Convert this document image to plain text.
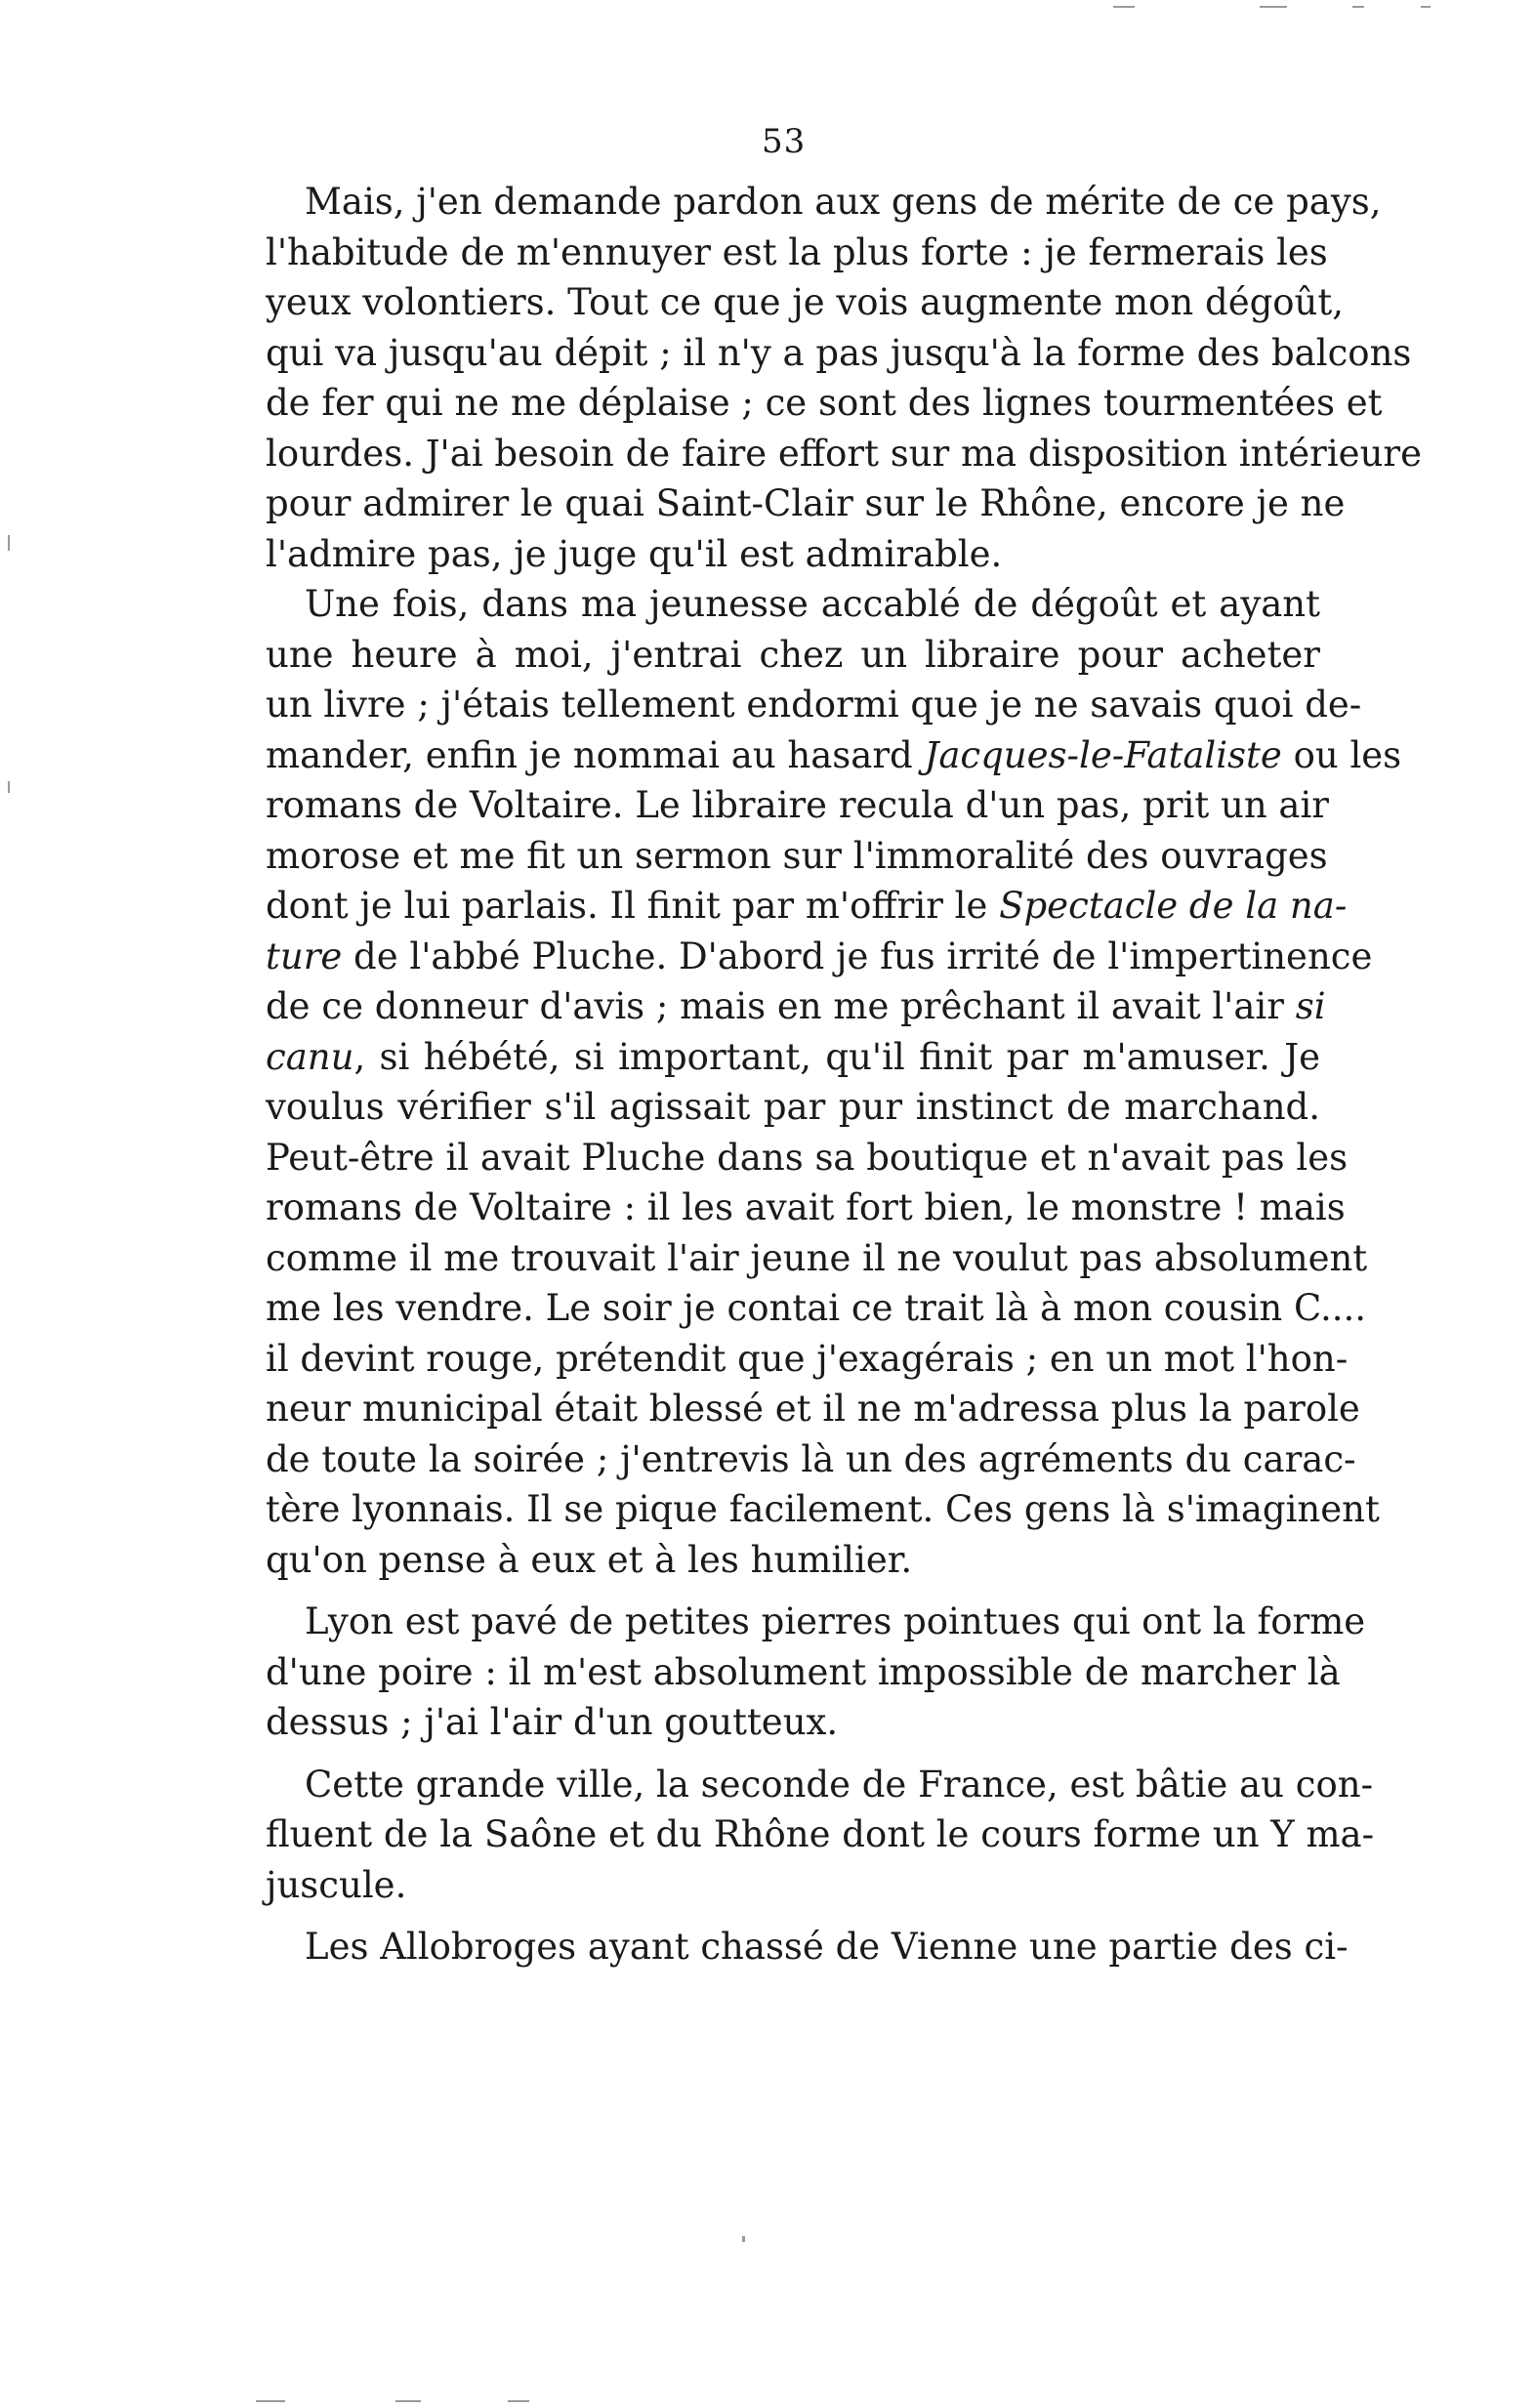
53
Mais, j'en demande pardon aux gens de mérite de ce pays,
l'habitude de m'ennuyer est la plus forte : je fermerais les
yeux volontiers. Tout ce que je vois augmente mon dégoût,
qui va jusqu'au dépit ; il n'y a pas jusqu'à la forme des balcons
de fer qui ne me déplaise ; ce sont des lignes tourmentées et
lourdes. J'ai besoin de faire effort sur ma disposition intérieure
pour admirer le quai Saint-Clair sur le Rhône, encore je ne
l'admire pas, je juge qu'il est admirable.
Une fois, dans ma jeunesse accablé de dégoût et ayant
une heure à moi, j'entrai chez un libraire pour acheter
un livre ; j'étais tellement endormi que je ne savais quoi de-
mander, enfin je nommai au hasard Jacques-le-Fataliste ou les
romans de Voltaire. Le libraire recula d'un pas, prit un air
morose et me fit un sermon sur l'immoralité des ouvrages
dont je lui parlais. Il finit par m'offrir le Spectacle de la na-
ture de l'abbé Pluche. D'abord je fus irrité de l'impertinence
de ce donneur d'avis ; mais en me prêchant il avait l'air si
canu, si hébété, si important, qu'il finit par m'amuser. Je
voulus vérifier s'il agissait par pur instinct de marchand.
Peut-être il avait Pluche dans sa boutique et n'avait pas les
romans de Voltaire : il les avait fort bien, le monstre ! mais
comme il me trouvait l'air jeune il ne voulut pas absolument
me les vendre. Le soir je contai ce trait là à mon cousin C....
il devint rouge, prétendit que j'exagérais ; en un mot l'hon-
neur municipal était blessé et il ne m'adressa plus la parole
de toute la soirée ; j'entrevis là un des agréments du carac-
tère lyonnais. Il se pique facilement. Ces gens là s'imaginent
qu'on pense à eux et à les humilier.
Lyon est pavé de petites pierres pointues qui ont la forme
d'une poire : il m'est absolument impossible de marcher là
dessus ; j'ai l'air d'un goutteux.
Cette grande ville, la seconde de France, est bâtie au con-
fluent de la Saône et du Rhône dont le cours forme un Y ma-
juscule.
Les Allobroges ayant chassé de Vienne une partie des ci-
